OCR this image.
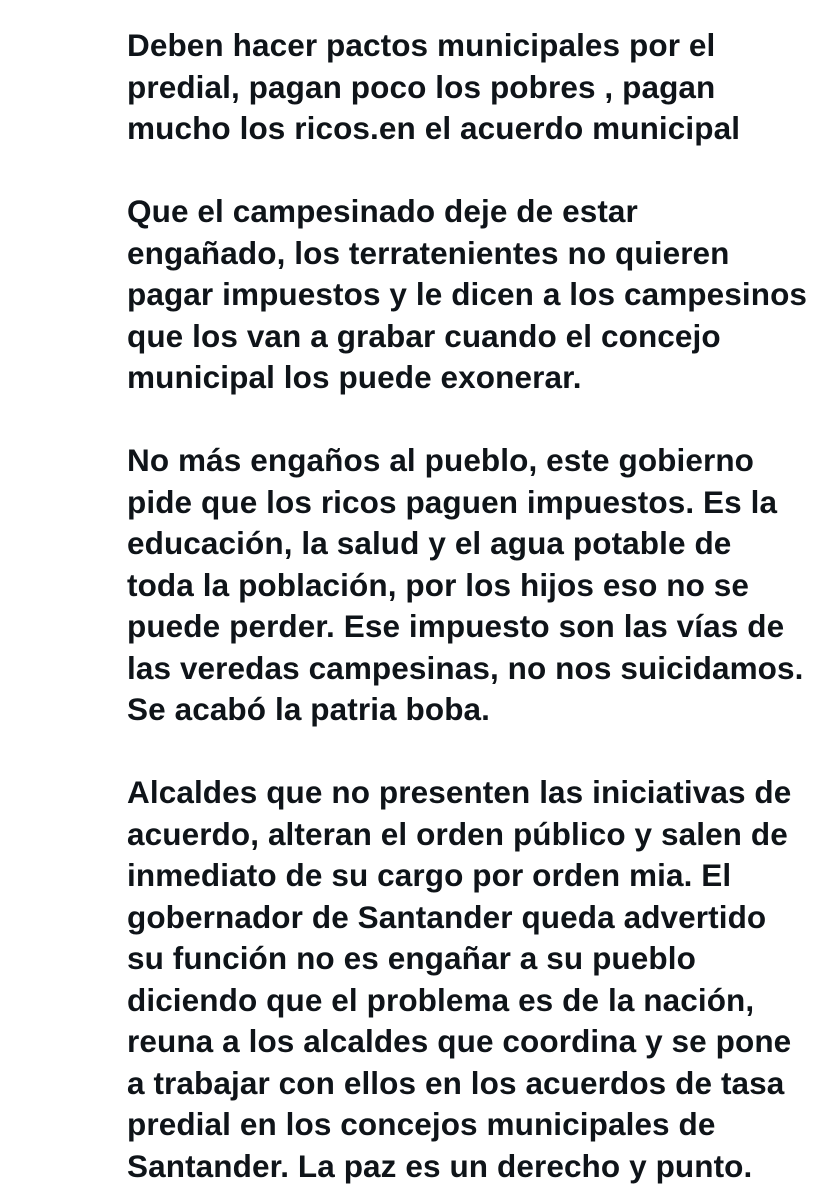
Deben hacer pactos municipales por el
predial, pagan poco los pobres , pagan
mucho los ricos.en el acuerdo municipal

Que el campesinado deje de estar
engañado, los terratenientes no quieren
pagar impuestos y le dicen a los campesinos
que los van a grabar cuando el concejo
municipal los puede exonerar.

No más engaños al pueblo, este gobierno
pide que los ricos paguen impuestos. Es la
educación, la salud y el agua potable de
toda la población, por los hijos eso no se
puede perder. Ese impuesto son las vías de
las veredas campesinas, no nos suicidamos.
Se acabó la patria boba.

Alcaldes que no presenten las iniciativas de
acuerdo, alteran el orden público y salen de
inmediato de su cargo por orden mia. El
gobernador de Santander queda advertido
su función no es engañar a su pueblo
diciendo que el problema es de la nación,
reuna a los alcaldes que coordina y se pone
a trabajar con ellos en los acuerdos de tasa
predial en los concejos municipales de
Santander. La paz es un derecho y punto.
